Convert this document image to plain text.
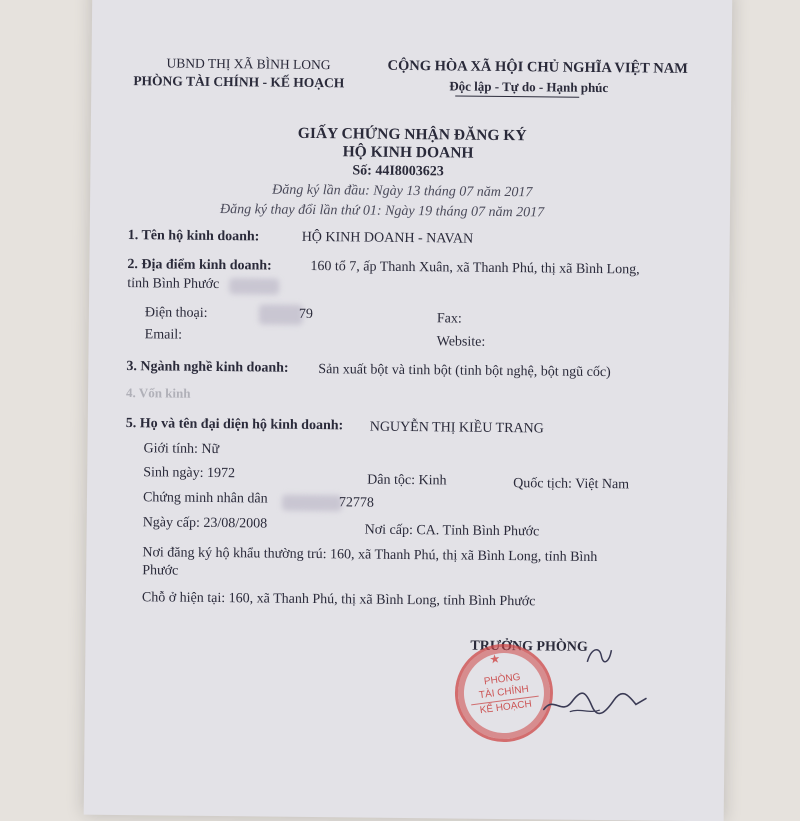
UBND THỊ XÃ BÌNH LONG
PHÒNG TÀI CHÍNH - KẾ HOẠCH
CỘNG HÒA XÃ HỘI CHỦ NGHĨA VIỆT NAM
Độc lập - Tự do - Hạnh phúc
GIẤY CHỨNG NHẬN ĐĂNG KÝ
HỘ KINH DOANH
Số: 44I8003623
Đăng ký lần đầu: Ngày 13 tháng 07 năm 2017
Đăng ký thay đổi lần thứ 01: Ngày 19 tháng 07 năm 2017
1. Tên hộ kinh doanh:	HỘ KINH DOANH - NAVAN
2. Địa điểm kinh doanh:	160 tổ 7, ấp Thanh Xuân, xã Thanh Phú, thị xã Bình Long,
tỉnh Bình Phước
Điện thoại:	79	Fax:
Email:	Website:
3. Ngành nghề kinh doanh: Sản xuất bột và tinh bột (tinh bột nghệ, bột ngũ cốc)
4. Vốn kinh
5. Họ và tên đại diện hộ kinh doanh: NGUYỄN THỊ KIỀU TRANG
Giới tính: Nữ
Sinh ngày: 1972	Dân tộc: Kinh	Quốc tịch: Việt Nam
Chứng minh nhân dân	72778
Ngày cấp: 23/08/2008	Nơi cấp: CA. Tỉnh Bình Phước
Nơi đăng ký hộ khẩu thường trú: 160, xã Thanh Phú, thị xã Bình Long, tỉnh Bình
Phước
Chỗ ở hiện tại: 160, xã Thanh Phú, thị xã Bình Long, tỉnh Bình Phước
TRƯỞNG PHÒNG
★
PHÒNG
TÀI CHÍNH
KẾ HOẠCH
